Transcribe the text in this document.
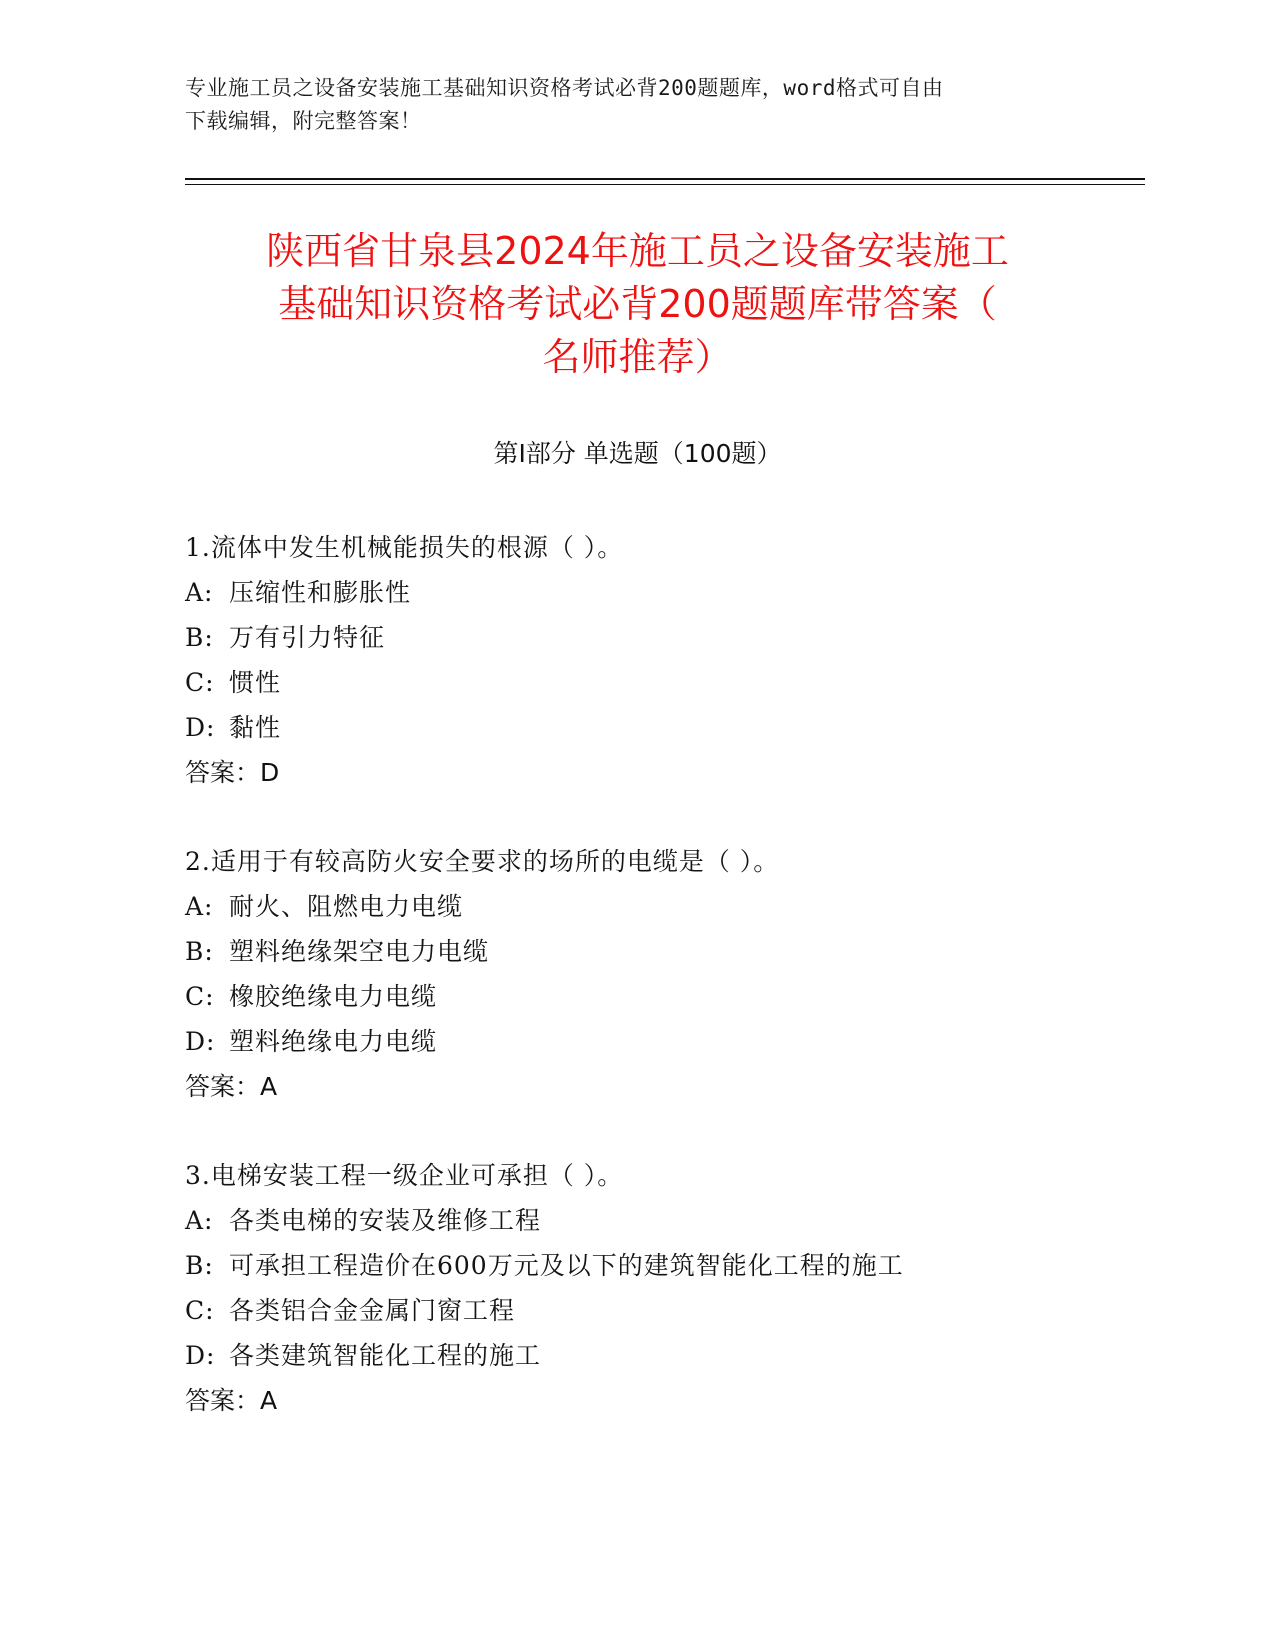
专业施工员之设备安装施工基础知识资格考试必背200题题库，word格式可自由
下载编辑，附完整答案！
陕西省甘泉县2024年施工员之设备安装施工
基础知识资格考试必背200题题库带答案（
名师推荐）
第Ⅰ部分 单选题（100题）
1.流体中发生机械能损失的根源（ ）。
A: 压缩性和膨胀性
B: 万有引力特征
C: 惯性
D: 黏性
答案：D
2.适用于有较高防火安全要求的场所的电缆是（ ）。
A: 耐火、阻燃电力电缆
B: 塑料绝缘架空电力电缆
C: 橡胶绝缘电力电缆
D: 塑料绝缘电力电缆
答案：A
3.电梯安装工程一级企业可承担（ ）。
A: 各类电梯的安装及维修工程
B: 可承担工程造价在600万元及以下的建筑智能化工程的施工
C: 各类铝合金金属门窗工程
D: 各类建筑智能化工程的施工
答案：A
